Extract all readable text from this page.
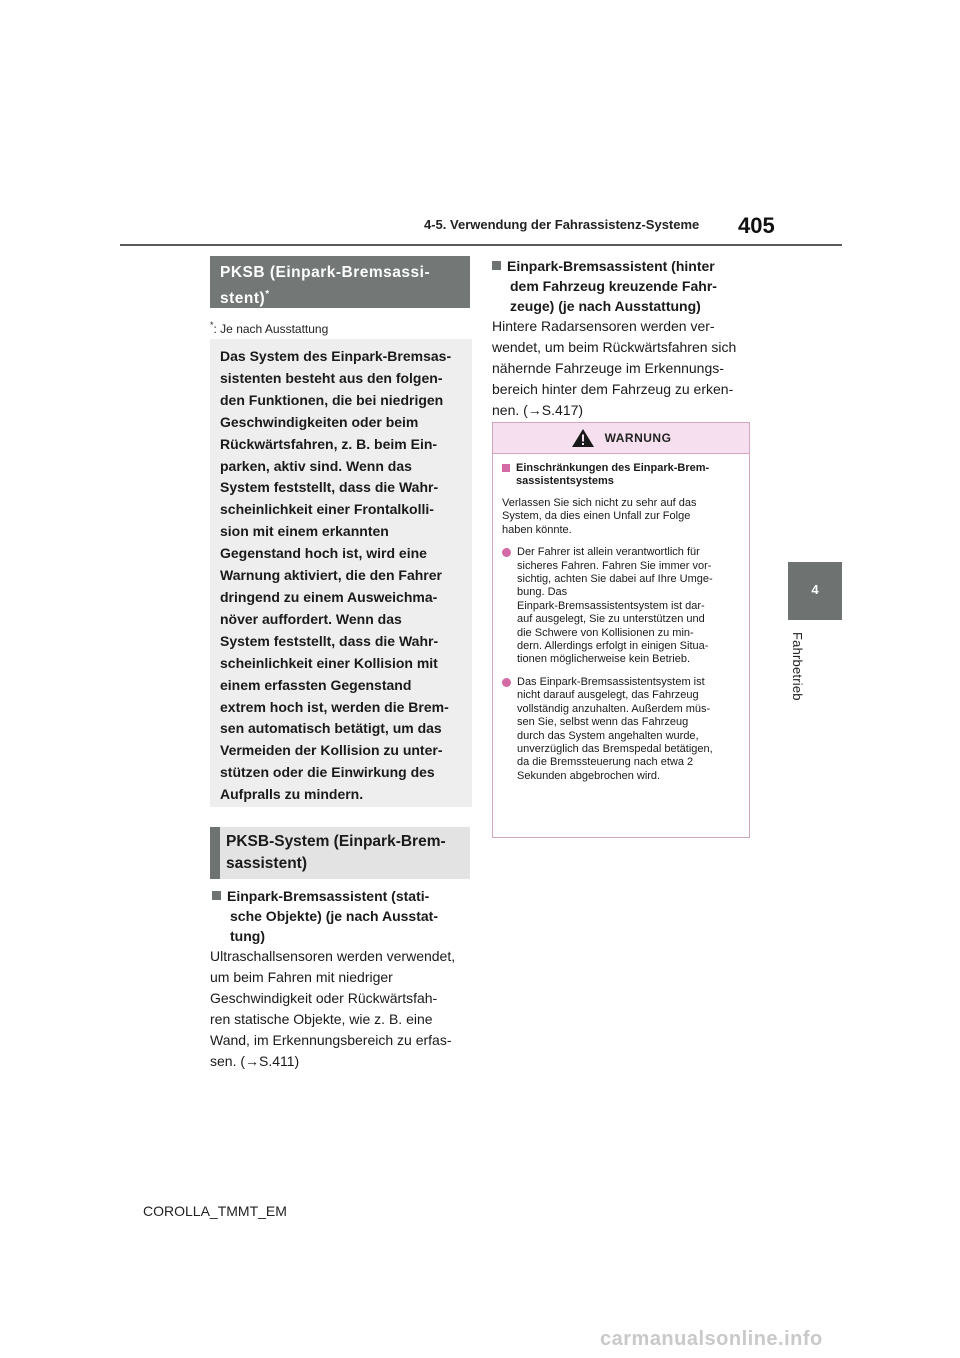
4-5. Verwendung der Fahrassistenz-Systeme 405
4
Fahrbetrieb
PKSB (Einpark-Bremsassi-
stent)*
*: Je nach Ausstattung
Das System des Einpark-Bremsas-
sistenten besteht aus den folgen-
den Funktionen, die bei niedrigen
Geschwindigkeiten oder beim
Rückwärtsfahren, z. B. beim Ein-
parken, aktiv sind. Wenn das
System feststellt, dass die Wahr-
scheinlichkeit einer Frontalkolli-
sion mit einem erkannten
Gegenstand hoch ist, wird eine
Warnung aktiviert, die den Fahrer
dringend zu einem Ausweichma-
növer auffordert. Wenn das
System feststellt, dass die Wahr-
scheinlichkeit einer Kollision mit
einem erfassten Gegenstand
extrem hoch ist, werden die Brem-
sen automatisch betätigt, um das
Vermeiden der Kollision zu unter-
stützen oder die Einwirkung des
Aufpralls zu mindern.
PKSB-System (Einpark-Brem-
sassistent)
Einpark-Bremsassistent (stati-
sche Objekte) (je nach Ausstat-
tung)
Ultraschallsensoren werden verwendet,
um beim Fahren mit niedriger
Geschwindigkeit oder Rückwärtsfah-
ren statische Objekte, wie z. B. eine
Wand, im Erkennungsbereich zu erfas-
sen. (→S.411)
Einpark-Bremsassistent (hinter
dem Fahrzeug kreuzende Fahr-
zeuge) (je nach Ausstattung)
Hintere Radarsensoren werden ver-
wendet, um beim Rückwärtsfahren sich
nähernde Fahrzeuge im Erkennungs-
bereich hinter dem Fahrzeug zu erken-
nen. (→S.417)
WARNUNG
Einschränkungen des Einpark-Brem-
sassistentsystems
Verlassen Sie sich nicht zu sehr auf das
System, da dies einen Unfall zur Folge
haben könnte.
Der Fahrer ist allein verantwortlich für
sicheres Fahren. Fahren Sie immer vor-
sichtig, achten Sie dabei auf Ihre Umge-
bung. Das
Einpark-Bremsassistentsystem ist dar-
auf ausgelegt, Sie zu unterstützen und
die Schwere von Kollisionen zu min-
dern. Allerdings erfolgt in einigen Situa-
tionen möglicherweise kein Betrieb.
Das Einpark-Bremsassistentsystem ist
nicht darauf ausgelegt, das Fahrzeug
vollständig anzuhalten. Außerdem müs-
sen Sie, selbst wenn das Fahrzeug
durch das System angehalten wurde,
unverzüglich das Bremspedal betätigen,
da die Bremssteuerung nach etwa 2
Sekunden abgebrochen wird.
COROLLA_TMMT_EM
carmanualsonline.info
